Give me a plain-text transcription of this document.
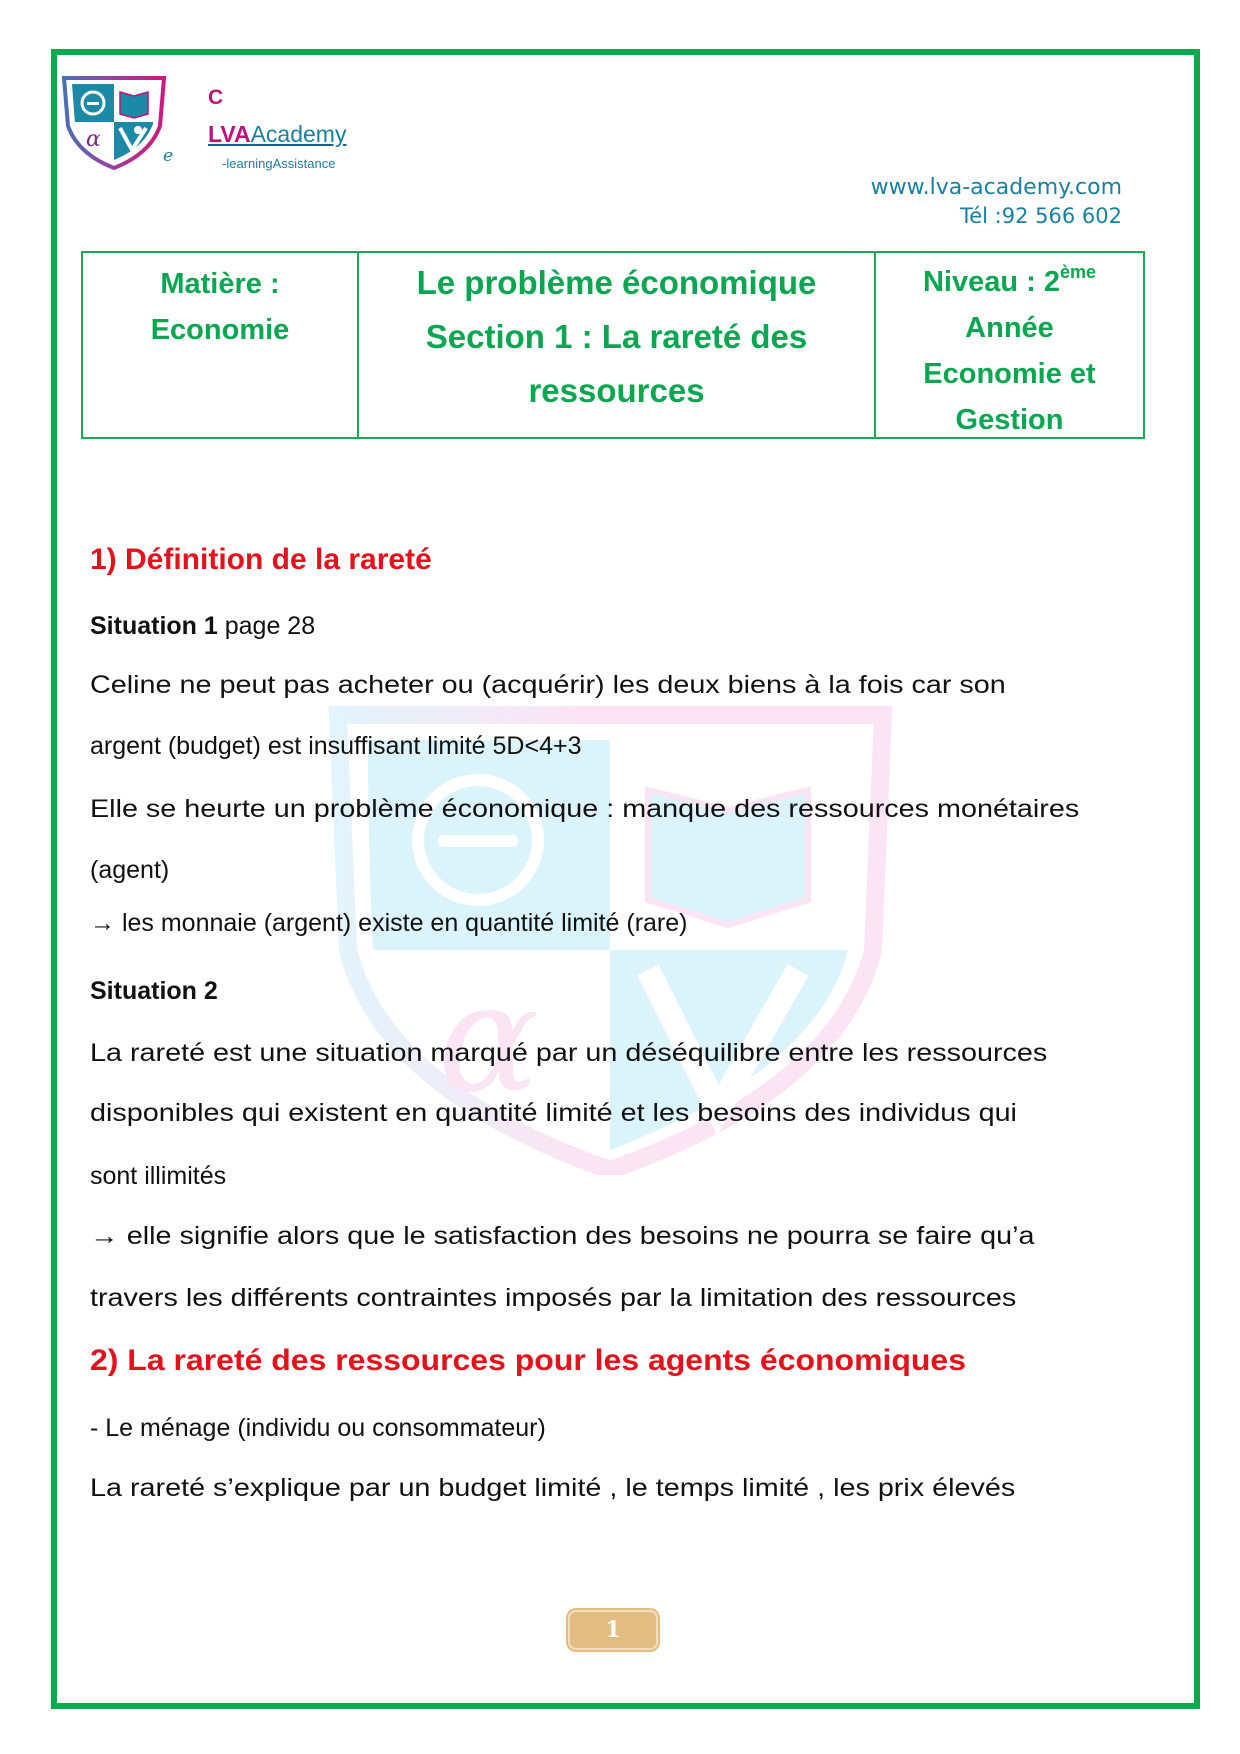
α
e
C
LVAAcademy
-learningAssistance
www.lva-academy.com
Tél :92 566 602
Matière :
Economie
Le problème économique
Section 1 : La rareté des
ressources
Niveau : 2ème
Année
Economie et
Gestion
α
1) Définition de la rareté
Situation 1 page 28
Celine ne peut pas acheter ou (acquérir) les deux biens à la fois car son
argent (budget) est insuffisant limité 5D<4+3
Elle se heurte un problème économique : manque des ressources monétaires
(agent)
→ les monnaie (argent) existe en quantité limité (rare)
Situation 2
La rareté est une situation marqué par un déséquilibre entre les ressources
disponibles qui existent en quantité limité et les besoins des individus qui
sont illimités
→ elle signifie alors que le satisfaction des besoins ne pourra se faire qu’a
travers les différents contraintes imposés par la limitation des ressources
2) La rareté des ressources pour les agents économiques
- Le ménage (individu ou consommateur)
La rareté s’explique par un budget limité , le temps limité , les prix élevés
1
